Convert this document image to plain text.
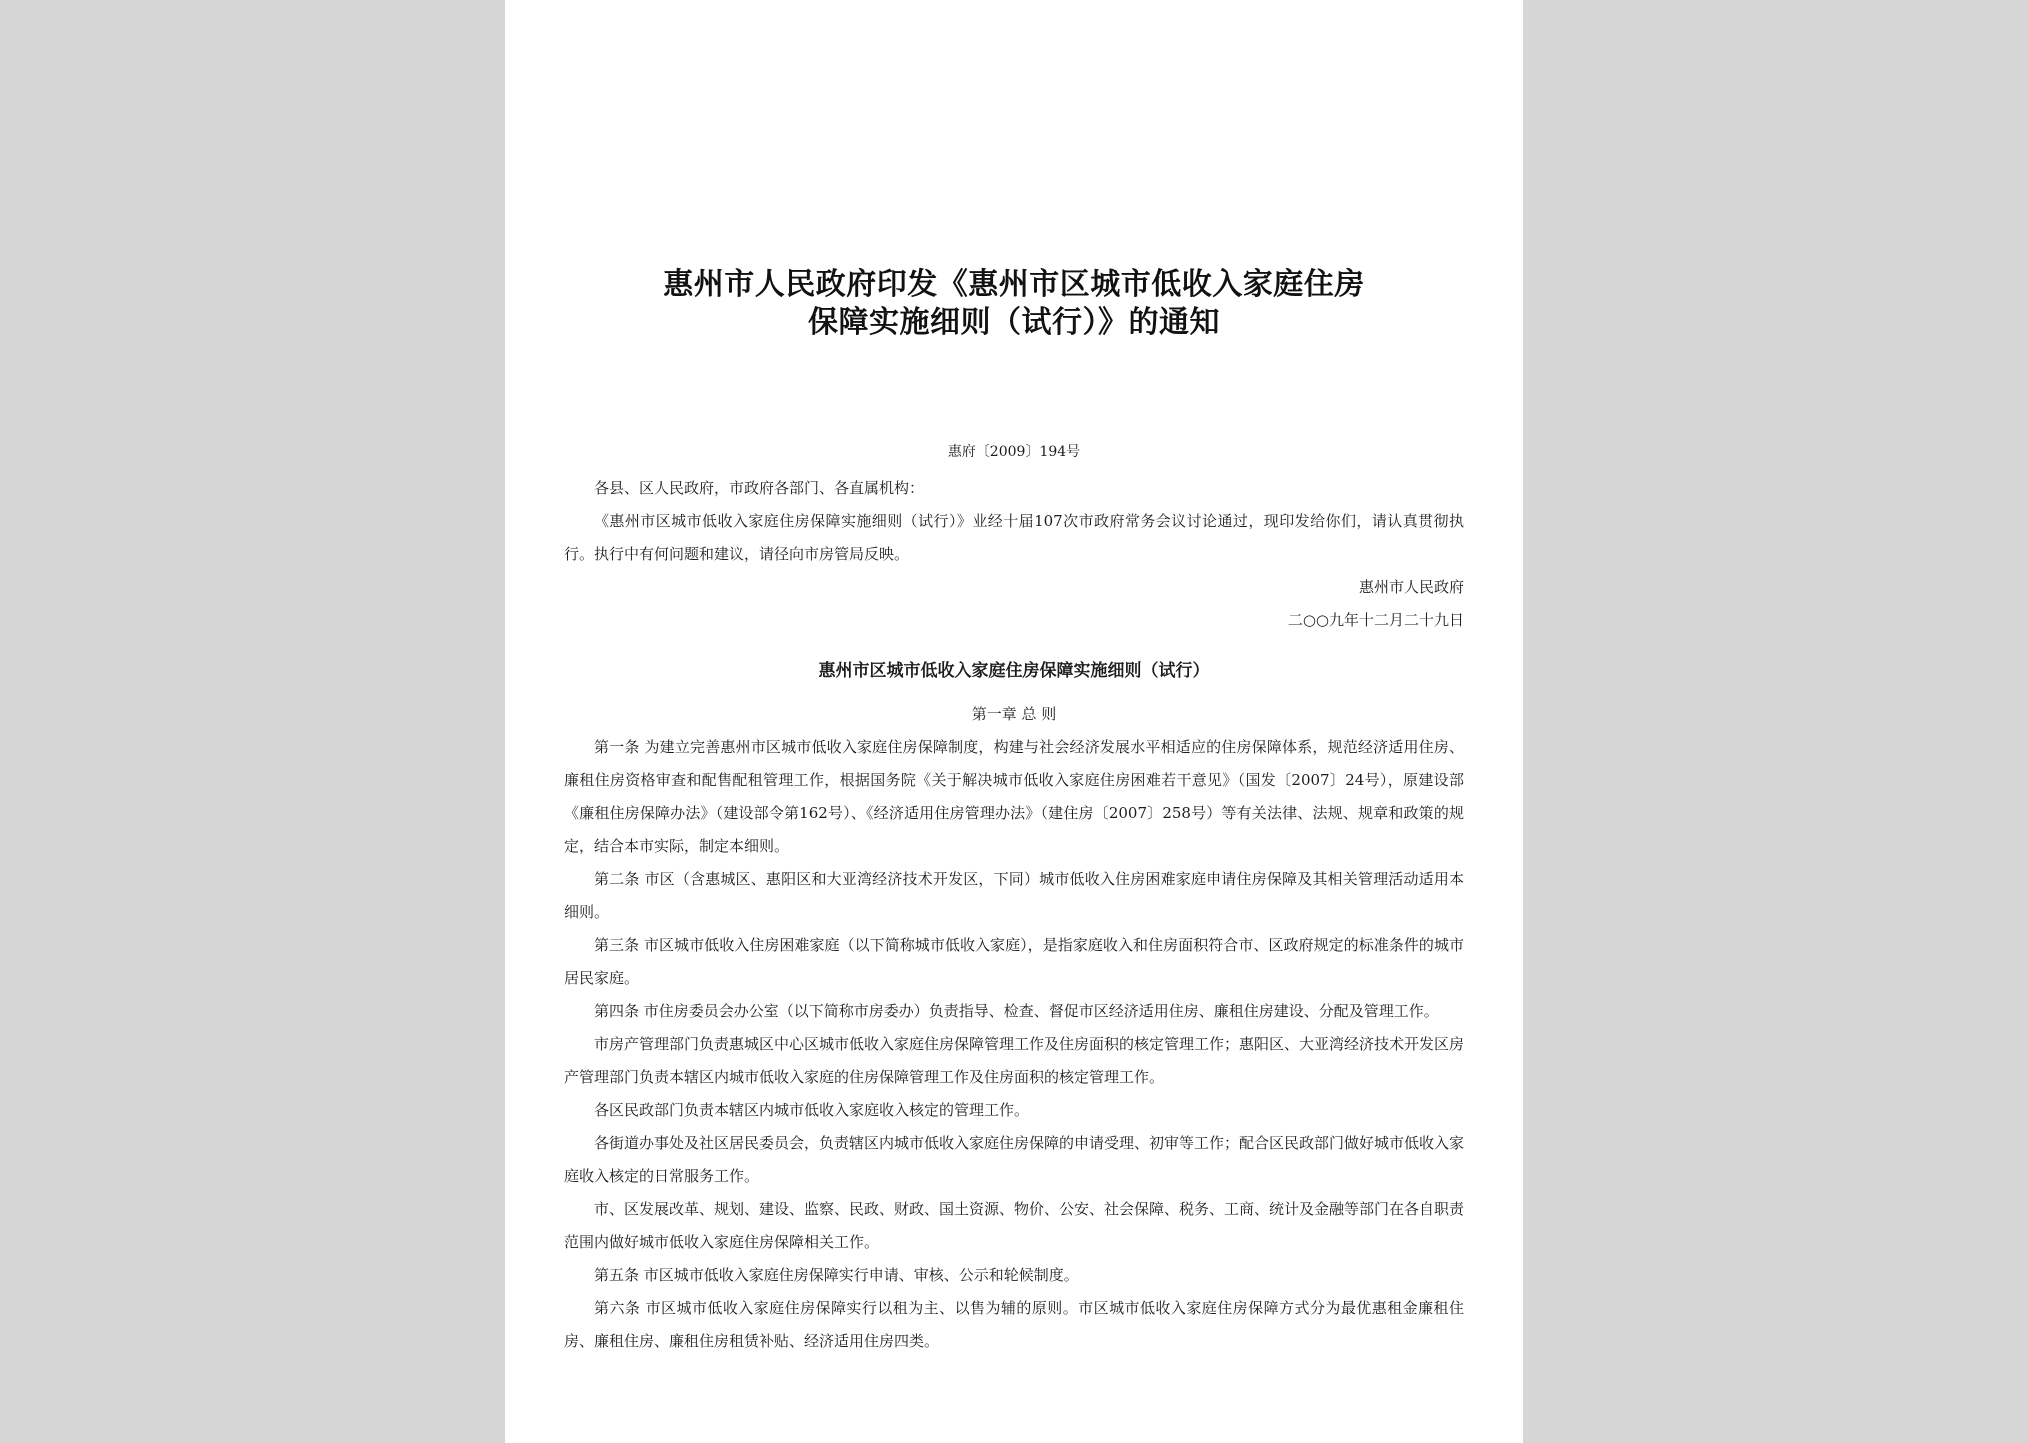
惠州市人民政府印发《惠州市区城市低收入家庭住房
保障实施细则（试行）》的通知
惠府〔2009〕194号

各县、区人民政府，市政府各部门、各直属机构：

《惠州市区城市低收入家庭住房保障实施细则（试行）》业经十届107次市政府常务会议讨论通过，现印发给你们，请认真贯彻执行。执行中有何问题和建议，请径向市房管局反映。

惠州市人民政府

二○○九年十二月二十九日

惠州市区城市低收入家庭住房保障实施细则（试行）

第一章 总 则

第一条 为建立完善惠州市区城市低收入家庭住房保障制度，构建与社会经济发展水平相适应的住房保障体系，规范经济适用住房、廉租住房资格审查和配售配租管理工作，根据国务院《关于解决城市低收入家庭住房困难若干意见》（国发〔2007〕24号），原建设部《廉租住房保障办法》（建设部令第162号）、《经济适用住房管理办法》（建住房〔2007〕258号）等有关法律、法规、规章和政策的规定，结合本市实际，制定本细则。

第二条 市区（含惠城区、惠阳区和大亚湾经济技术开发区，下同）城市低收入住房困难家庭申请住房保障及其相关管理活动适用本细则。

第三条 市区城市低收入住房困难家庭（以下简称城市低收入家庭），是指家庭收入和住房面积符合市、区政府规定的标准条件的城市居民家庭。

第四条 市住房委员会办公室（以下简称市房委办）负责指导、检查、督促市区经济适用住房、廉租住房建设、分配及管理工作。

市房产管理部门负责惠城区中心区城市低收入家庭住房保障管理工作及住房面积的核定管理工作；惠阳区、大亚湾经济技术开发区房产管理部门负责本辖区内城市低收入家庭的住房保障管理工作及住房面积的核定管理工作。

各区民政部门负责本辖区内城市低收入家庭收入核定的管理工作。

各街道办事处及社区居民委员会，负责辖区内城市低收入家庭住房保障的申请受理、初审等工作；配合区民政部门做好城市低收入家庭收入核定的日常服务工作。

市、区发展改革、规划、建设、监察、民政、财政、国土资源、物价、公安、社会保障、税务、工商、统计及金融等部门在各自职责范围内做好城市低收入家庭住房保障相关工作。

第五条 市区城市低收入家庭住房保障实行申请、审核、公示和轮候制度。

第六条 市区城市低收入家庭住房保障实行以租为主、以售为辅的原则。市区城市低收入家庭住房保障方式分为最优惠租金廉租住房、廉租住房、廉租住房租赁补贴、经济适用住房四类。
